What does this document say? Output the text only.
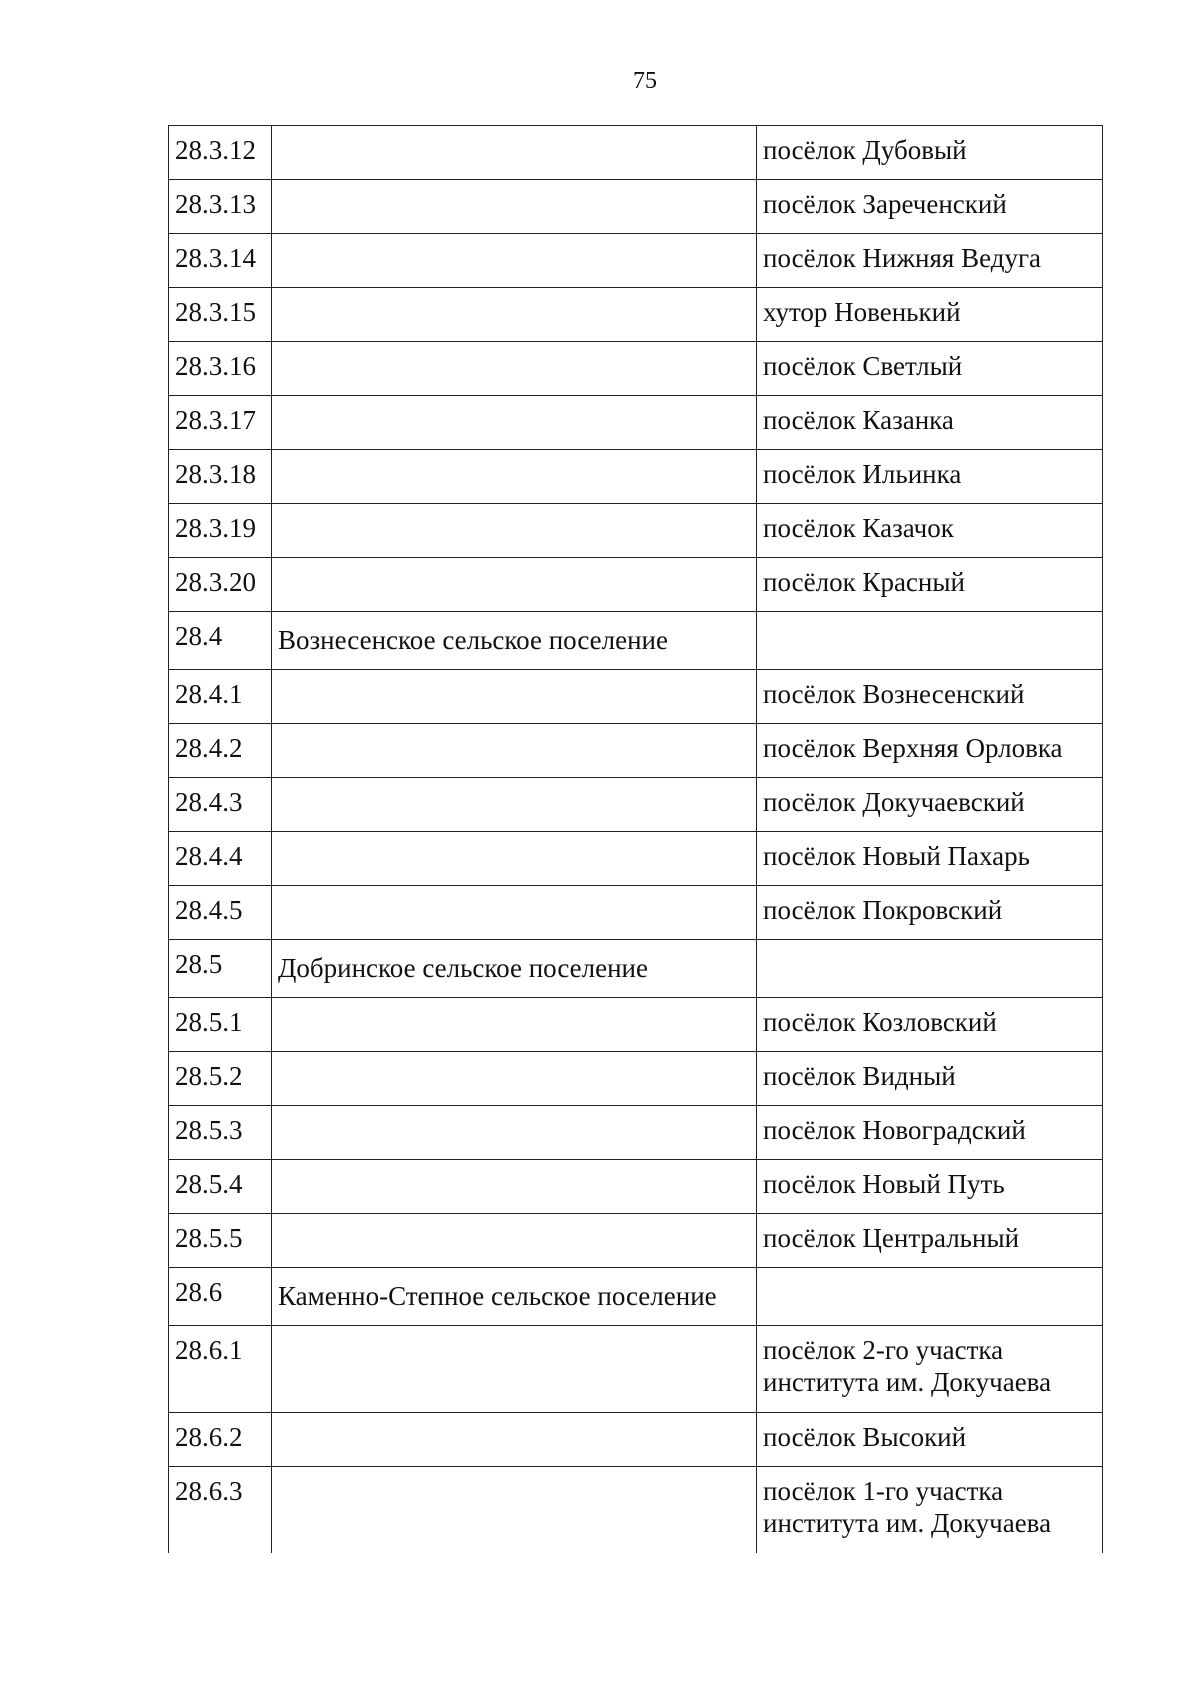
75
28.3.12		посёлок Дубовый
28.3.13		посёлок Зареченский
28.3.14		посёлок Нижняя Ведуга
28.3.15		хутор Новенький
28.3.16		посёлок Светлый
28.3.17		посёлок Казанка
28.3.18		посёлок Ильинка
28.3.19		посёлок Казачок
28.3.20		посёлок Красный
28.4	Вознесенское сельское поселение	
28.4.1		посёлок Вознесенский
28.4.2		посёлок Верхняя Орловка
28.4.3		посёлок Докучаевский
28.4.4		посёлок Новый Пахарь
28.4.5		посёлок Покровский
28.5	Добринское сельское поселение	
28.5.1		посёлок Козловский
28.5.2		посёлок Видный
28.5.3		посёлок Новоградский
28.5.4		посёлок Новый Путь
28.5.5		посёлок Центральный
28.6	Каменно-Степное сельское поселение	
28.6.1		посёлок 2-го участка института им. Докучаева
28.6.2		посёлок Высокий
28.6.3		посёлок 1-го участка института им. Докучаева
